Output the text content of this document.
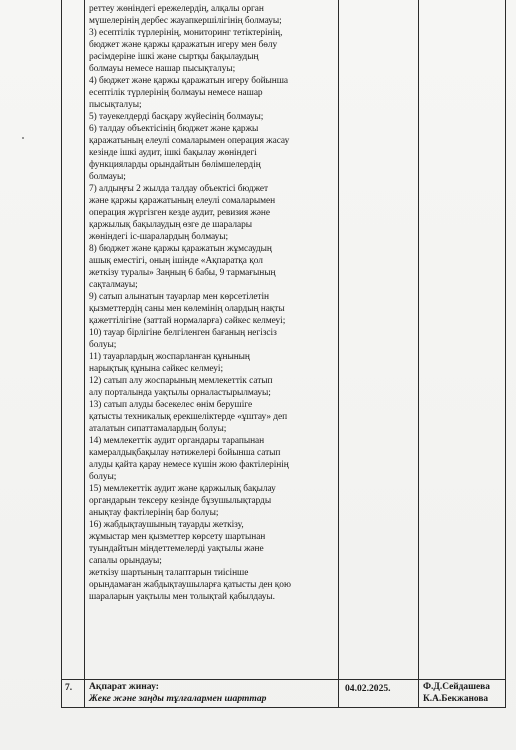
реттеу жөніндегі ережелердің, алқалы орган
мүшелерінің дербес жауапкершілігінің болмауы;
3) есептілік түрлерінің, мониторинг тетіктерінің,
бюджет және қаржы қаражатын игеру мен бөлу
рәсімдеріне ішкі және сыртқы бақылаудың
болмауы немесе нашар пысықталуы;
4) бюджет және қаржы қаражатын игеру бойынша
есептілік түрлерінің болмауы немесе нашар
пысықталуы;
5) тәуекелдерді басқару жүйесінің болмауы;
6) талдау объектісінің бюджет және қаржы
қаражатының елеулі сомаларымен операция жасау
кезінде ішкі аудит, ішкі бақылау жөніндегі
функцияларды орындайтын бөлімшелердің
болмауы;
7) алдыңғы 2 жылда талдау объектісі бюджет
және қаржы қаражатының елеулі сомаларымен
операция жүргізген кезде аудит, ревизия және
қаржылық бақылаудың өзге де шаралары
жөніндегі іс-шаралардың болмауы;
8) бюджет және қаржы қаражатын жұмсаудың
ашық еместігі, оның ішінде «Ақпаратқа қол
жеткізу туралы» Заңның 6 бабы, 9 тармағының
сақталмауы;
9) сатып алынатын тауарлар мен көрсетілетін
қызметтердің саны мен көлемінің олардың нақты
қажеттілігіне (заттай нормаларға) сәйкес келмеуі;
10) тауар бірлігіне белгіленген бағаның негізсіз
болуы;
11) тауарлардың жоспарланған құнының
нарықтық құнына сәйкес келмеуі;
12) сатып алу жоспарының мемлекеттік сатып
алу порталында уақтылы орналастырылмауы;
13) сатып алуды бәсекелес өнім берушіге
қатысты техникалық ерекшеліктерде «ұштау» деп
аталатын сипаттамалардың болуы;
14) мемлекеттік аудит органдары тарапынан
камералдықбақылау нәтижелері бойынша сатып
алуды қайта қарау немесе күшін жою фактілерінің
болуы;
15) мемлекеттік аудит және қаржылық бақылау
органдарын тексеру кезінде бұзушылықтарды
анықтау фактілерінің бар болуы;
16) жабдықтаушының тауарды жеткізу,
жұмыстар мен қызметтер көрсету шартынан
туындайтын міндеттемелерді уақтылы және
сапалы орындауы;
жеткізу шартының талаптарын тиісінше
орындамаған жабдықтаушыларға қатысты ден қою
шараларын уақтылы мен толықтай қабылдауы.
7. Ақпарат жинау:
Жеке және заңды тұлғалармен шарттар
04.02.2025.	Ф.Д.Сейдашева
К.А.Бекжанова
